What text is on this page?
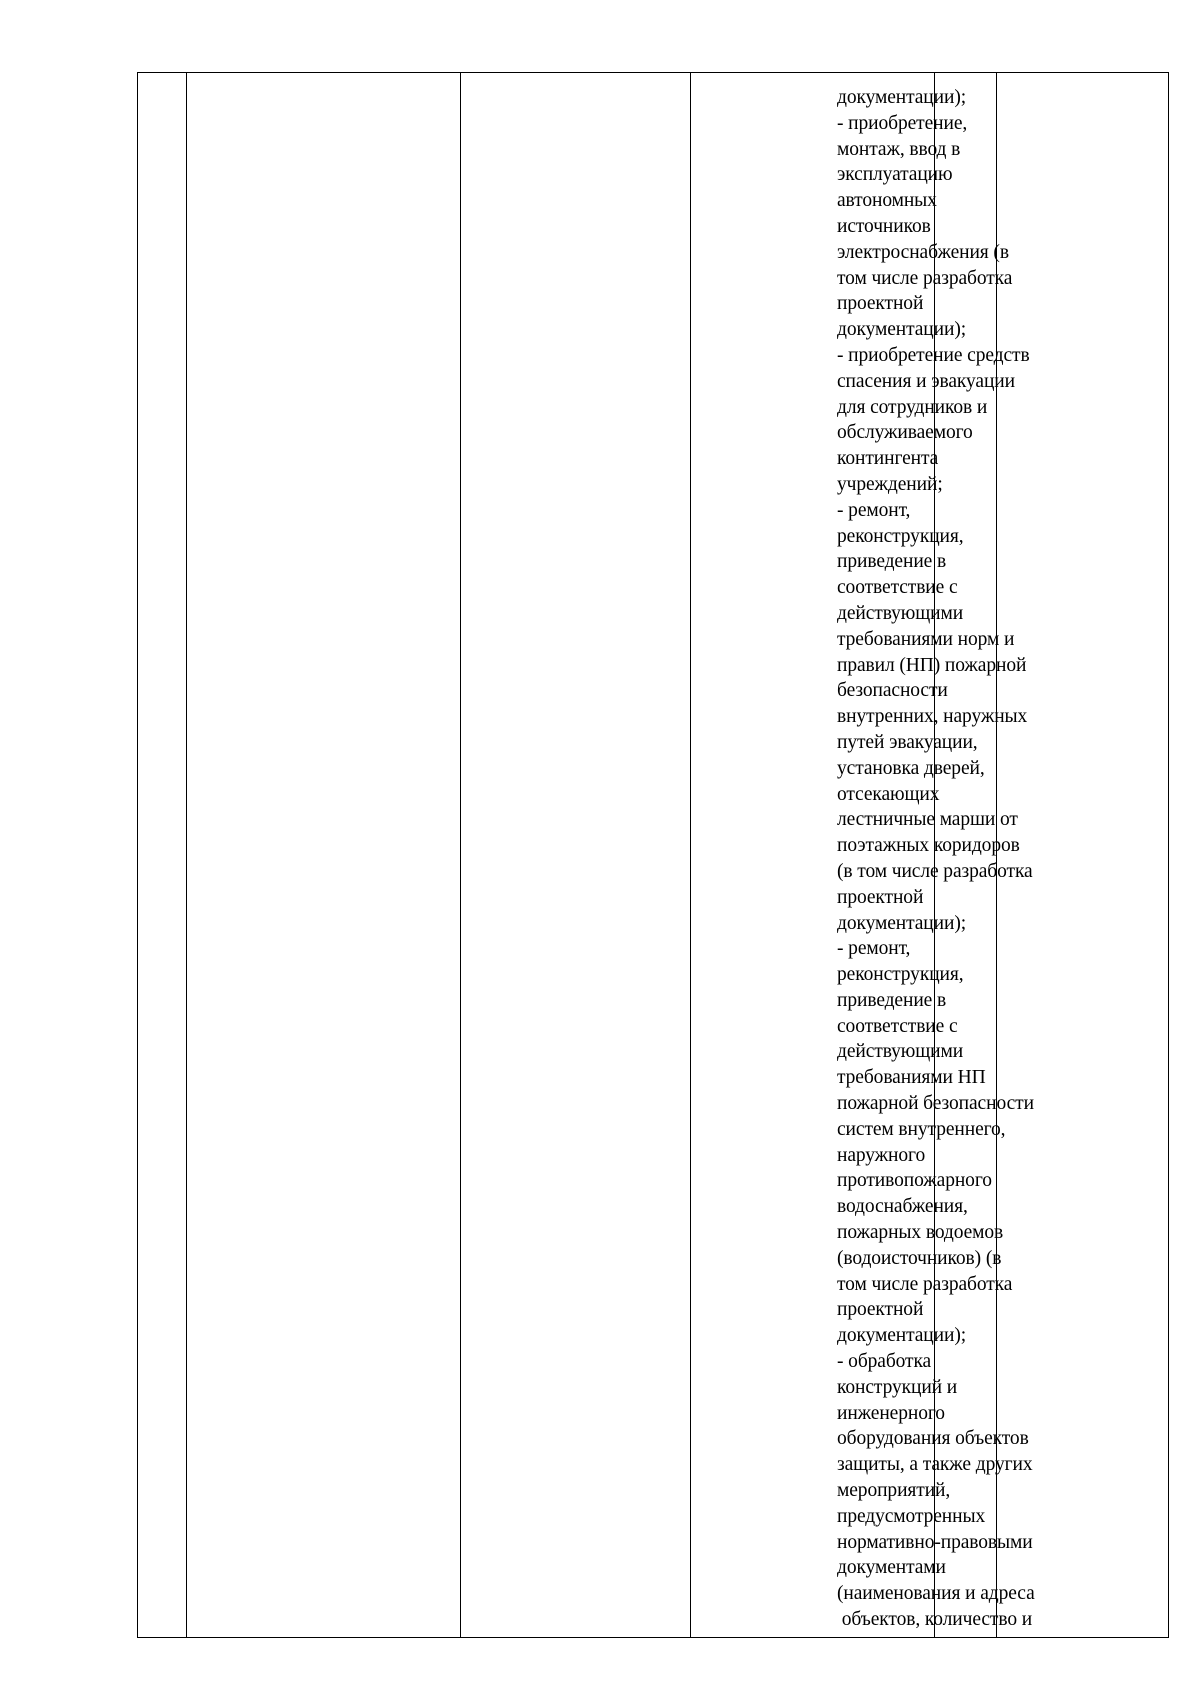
документации);
- приобретение,
монтаж, ввод в
эксплуатацию
автономных
источников
электроснабжения (в
том числе разработка
проектной
документации);
- приобретение средств
спасения и эвакуации
для сотрудников и
обслуживаемого
контингента
учреждений;
- ремонт,
реконструкция,
приведение в
соответствие с
действующими
требованиями норм и
правил (НП) пожарной
безопасности
внутренних, наружных
путей эвакуации,
установка дверей,
отсекающих
лестничные марши от
поэтажных коридоров
(в том числе разработка
проектной
документации);
- ремонт,
реконструкция,
приведение в
соответствие с
действующими
требованиями НП
пожарной безопасности
систем внутреннего,
наружного
противопожарного
водоснабжения,
пожарных водоемов
(водоисточников) (в
том числе разработка
проектной
документации);
- обработка
конструкций и
инженерного
оборудования объектов
защиты, а также других
мероприятий,
предусмотренных
нормативно-правовыми
документами
(наименования и адреса
объектов, количество и
